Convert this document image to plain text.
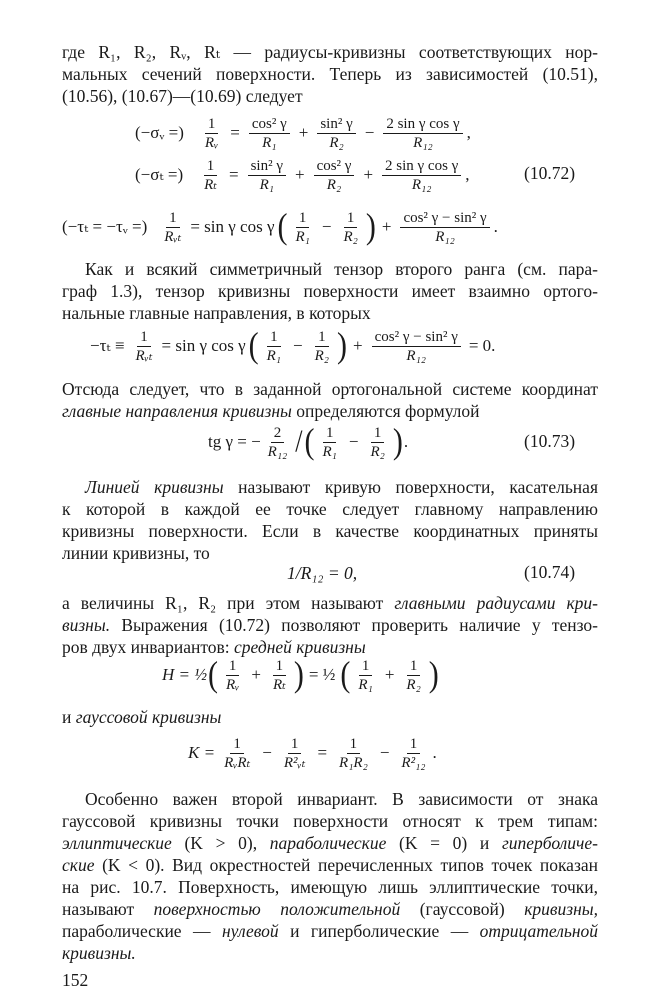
где R₁, R₂, Rᵥ, Rₜ — радиусы-кривизны соответствующих нор-
мальных сечений поверхности. Теперь из зависимостей (10.51),
(10.56), (10.67)—(10.69) следует
(−σᵥ =) $\frac{1}{\text{Rᵥ}} = \frac{\text{cos² γ}}{\text{R₁}} + \frac{\text{sin² γ}}{\text{R₂}} - \frac{\text{2 sin γ cos γ}}{\text{R₁₂}}$ ,
(−σₜ =) $\frac{1}{\text{Rₜ}} = \frac{\text{sin² γ}}{\text{R₁}} + \frac{\text{cos² γ}}{\text{R₂}} + \frac{\text{2 sin γ cos γ}}{\text{R₁₂}}$ ,	(10.72)
(−τₜ = −τᵥ =) $\frac{1}{\text{Rᵥₜ}} = \sin \gamma$ cos γ ( $\frac{1}{\text{R₁}} - \frac{1}{\text{R₂}}$ ) + $\frac{\text{cos² γ − sin² γ}}{\text{R₁₂}}$ .
Как и всякий симметричный тензор второго ранга (см. пара-
граф 1.3), тензор кривизны поверхности имеет взаимно ортого-
нальные главные направления, в которых
$-\tau_t \equiv \frac{1}{\text{Rᵥₜ}} = \sin \gamma$ cos γ ( $\frac{1}{\text{R₁}} - \frac{1}{\text{R₂}}$ ) + $\frac{\text{cos² γ − sin² γ}}{\text{R₁₂}} = 0$.
Отсюда следует, что в заданной ортогональной системе координат
главные направления кривизны определяются формулой
tg γ = − $\frac{2}{\text{R₁₂}}$ / ( $\frac{1}{\text{R₁}} - \frac{1}{\text{R₂}}$ ) .	(10.73)
Линией кривизны называют кривую поверхности, касательная
к которой в каждой ее точке следует главному направлению
кривизны поверхности. Если в качестве координатных приняты
линии кривизны, то
1/R₁₂ = 0,	(10.74)
а величины R₁, R₂ при этом называют главными радиусами кри-
визны. Выражения (10.72) позволяют проверить наличие у тензо-
ров двух инвариантов: средней кривизны
H = ½ ( $\frac{1}{\text{Rᵥ}} + \frac{1}{\text{Rₜ}}$ ) = ½ ( $\frac{1}{\text{R₁}} + \frac{1}{\text{R₂}}$ )
и гауссовой кривизны
$K = \frac{1}{\text{RᵥRₜ}} - \frac{1}{\text{R²ᵥₜ}} = \frac{1}{\text{R₁R₂}} - \frac{1}{\text{R²₁₂}}$ .
Особенно важен второй инвариант. В зависимости от знака
гауссовой кривизны точки поверхности относят к трем типам:
эллиптические (K > 0), параболические (K = 0) и гиперболиче-
ские (K < 0). Вид окрестностей перечисленных типов точек показан
на рис. 10.7. Поверхность, имеющую лишь эллиптические точки,
называют поверхностью положительной (гауссовой) кривизны,
параболические — нулевой и гиперболические — отрицательной
кривизны.
152
